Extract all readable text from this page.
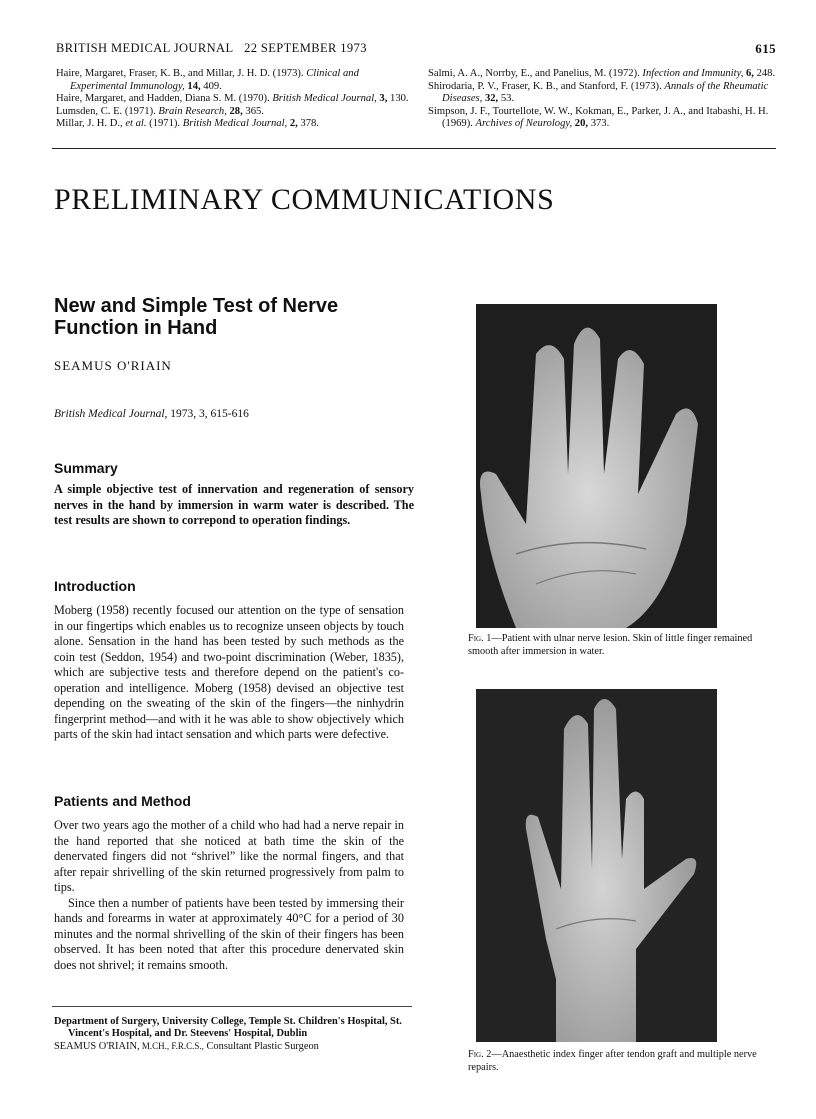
BRITISH MEDICAL JOURNAL 22 SEPTEMBER 1973	615

Haire, Margaret, Fraser, K. B., and Millar, J. H. D. (1973). Clinical and Experimental Immunology, 14, 409.

Haire, Margaret, and Hadden, Diana S. M. (1970). British Medical Journal, 3, 130.

Lumsden, C. E. (1971). Brain Research, 28, 365.

Millar, J. H. D., et al. (1971). British Medical Journal, 2, 378.

Salmi, A. A., Norrby, E., and Panelius, M. (1972). Infection and Immunity, 6, 248.

Shirodaria, P. V., Fraser, K. B., and Stanford, F. (1973). Annals of the Rheumatic Diseases, 32, 53.

Simpson, J. F., Tourtellote, W. W., Kokman, E., Parker, J. A., and Itabashi, H. H. (1969). Archives of Neurology, 20, 373.

PRELIMINARY COMMUNICATIONS
New and Simple Test of Nerve Function in Hand
SEAMUS O'RIAIN
British Medical Journal, 1973, 3, 615-616
Summary
A simple objective test of innervation and regeneration of sensory nerves in the hand by immersion in warm water is described. The test results are shown to correpond to operation findings.
Introduction

Moberg (1958) recently focused our attention on the type of sensation in our fingertips which enables us to recognize unseen objects by touch alone. Sensation in the hand has been tested by such methods as the coin test (Seddon, 1954) and two-point discrimination (Weber, 1835), which are subjective tests and therefore depend on the patient's co-operation and intelligence. Moberg (1958) devised an objective test depending on the sweating of the skin of the fingers—the ninhydrin fingerprint method—and with it he was able to show objectively which parts of the skin had intact sensation and which parts were defective.

Patients and Method

Over two years ago the mother of a child who had had a nerve repair in the hand reported that she noticed at bath time the skin of the denervated fingers did not “shrivel” like the normal fingers, and that after repair shrivelling of the skin returned progressively from palm to tips.

Since then a number of patients have been tested by immersing their hands and forearms in water at approximately 40°C for a period of 30 minutes and the normal shrivelling of the skin of their fingers has been observed. It has been noted that after this procedure denervated skin does not shrivel; it remains smooth.

Department of Surgery, University College, Temple St. Children's Hospital, St. Vincent's Hospital, and Dr. Steevens' Hospital, Dublin
SEAMUS O'RIAIN, M.CH., F.R.C.S., Consultant Plastic Surgeon
Fig. 1—Patient with ulnar nerve lesion. Skin of little finger remained smooth after immersion in water.
Fig. 2—Anaesthetic index finger after tendon graft and multiple nerve repairs.
